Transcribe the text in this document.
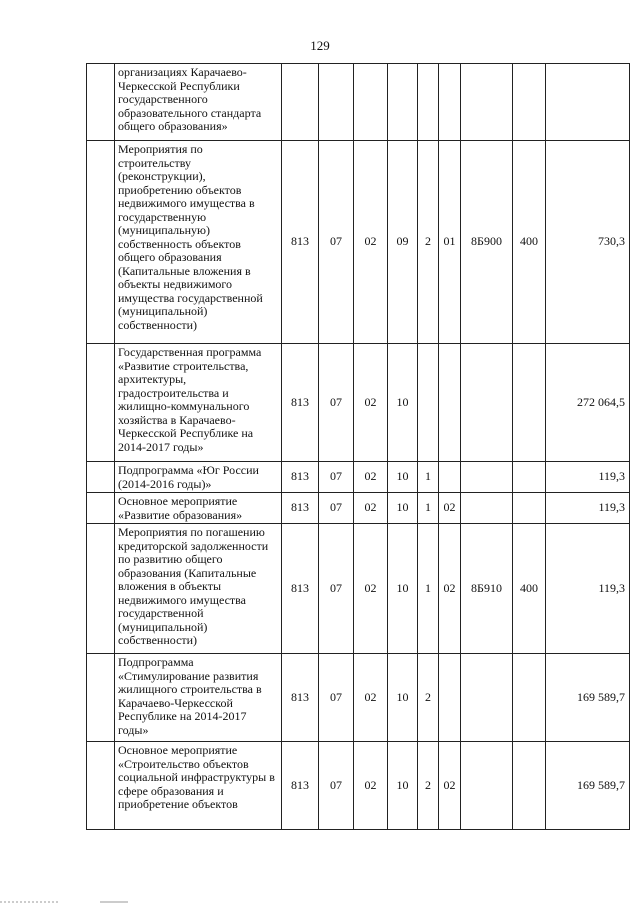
129
	организациях Карачаево-Черкесской Республики государственного образовательного стандарта общего образования»									
	Мероприятия по строительству (реконструкции), приобретению объектов недвижимого имущества в государственную (муниципальную) собственность объектов общего образования (Капитальные вложения в объекты недвижимого имущества государственной (муниципальной) собственности)	813	07	02	09	2	01	8Б900	400	730,3
	Государственная программа «Развитие строительства, архитектуры, градостроительства и жилищно-коммунального хозяйства в Карачаево-Черкесской Республике на 2014-2017 годы»	813	07	02	10					272 064,5
	Подпрограмма «Юг России (2014-2016 годы)»	813	07	02	10	1				119,3
	Основное мероприятие «Развитие образования»	813	07	02	10	1	02			119,3
	Мероприятия по погашению кредиторской задолженности по развитию общего образования (Капитальные вложения в объекты недвижимого имущества государственной (муниципальной) собственности)	813	07	02	10	1	02	8Б910	400	119,3
	Подпрограмма «Стимулирование развития жилищного строительства в Карачаево-Черкесской Республике на 2014-2017 годы»	813	07	02	10	2				169 589,7
	Основное мероприятие «Строительство объектов социальной инфраструктуры в сфере образования и приобретение объектов	813	07	02	10	2	02			169 589,7
